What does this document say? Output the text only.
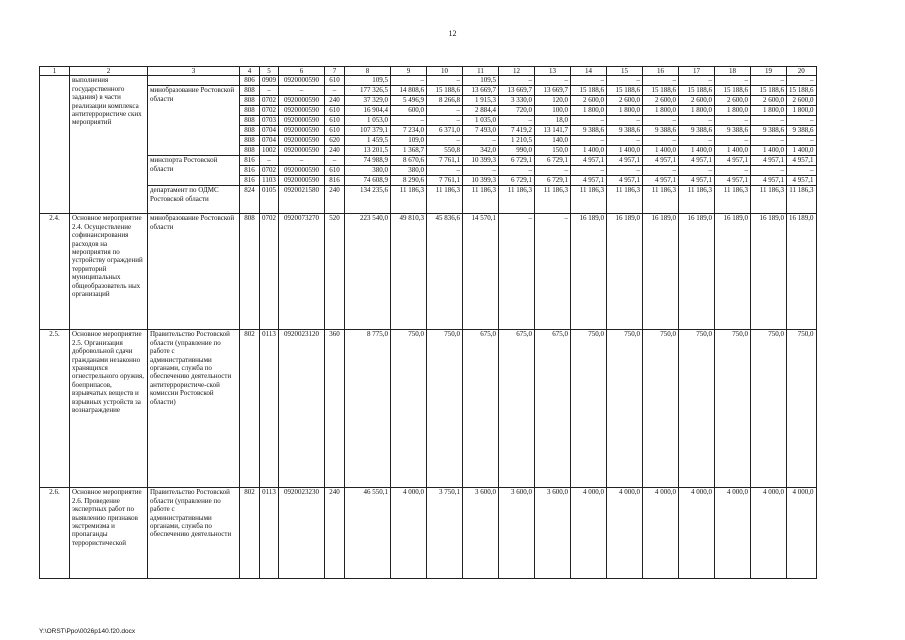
12
1	2	3	4	5	6	7	8	9	10	11	12	13	14	15	16	17	18	19	20
	выполнения государственного задания) в части реализации комплекса антитеррористиче ских мероприятий		806	0909	0920000590	610	109,5	–	–	109,5	–	–	–	–	–	–	–	–	–
		минобразование Ростовской области	808	–	–	–	177 326,5	14 808,6	15 188,6	13 669,7	13 669,7	13 669,7	15 188,6	15 188,6	15 188,6	15 188,6	15 188,6	15 188,6	15 188,6
			808	0702	0920000590	240	37 329,0	5 496,9	8 266,8	1 915,3	3 330,0	120,0	2 600,0	2 600,0	2 600,0	2 600,0	2 600,0	2 600,0	2 600,0
			808	0702	0920000590	610	16 904,4	600,0	–	2 884,4	720,0	100,0	1 800,0	1 800,0	1 800,0	1 800,0	1 800,0	1 800,0	1 800,0
			808	0703	0920000590	610	1 053,0	–	–	1 035,0	–	18,0	–	–	–	–	–	–	–
			808	0704	0920000590	610	107 379,1	7 234,0	6 371,0	7 493,0	7 419,2	13 141,7	9 388,6	9 388,6	9 388,6	9 388,6	9 388,6	9 388,6	9 388,6
			808	0704	0920000590	620	1 459,5	109,0	–	–	1 210,5	140,0	–	–	–	–	–	–	–
			808	1002	0920000590	240	13 201,5	1 368,7	550,8	342,0	990,0	150,0	1 400,0	1 400,0	1 400,0	1 400,0	1 400,0	1 400,0	1 400,0
		минспорта Ростовской области	816	–	–	–	74 988,9	8 670,6	7 761,1	10 399,3	6 729,1	6 729,1	4 957,1	4 957,1	4 957,1	4 957,1	4 957,1	4 957,1	4 957,1
			816	0702	0920000590	610	380,0	380,0	–	–	–	–	–	–	–	–	–	–	–
			816	1103	0920000590	816	74 608,9	8 290,6	7 761,1	10 399,3	6 729,1	6 729,1	4 957,1	4 957,1	4 957,1	4 957,1	4 957,1	4 957,1	4 957,1
		департамент по ОДМС Ростовской области	824	0105	0920021580	240	134 235,6	11 186,3	11 186,3	11 186,3	11 186,3	11 186,3	11 186,3	11 186,3	11 186,3	11 186,3	11 186,3	11 186,3	11 186,3
2.4.	Основное мероприятие 2.4. Осуществление софинансирования расходов на мероприятия по устройству ограждений территорий муниципальных общеобразователь ных организаций	минобразование Ростовской области	808	0702	0920073270	520	223 540,0	49 810,3	45 836,6	14 570,1	–	–	16 189,0	16 189,0	16 189,0	16 189,0	16 189,0	16 189,0	16 189,0
2.5.	Основное мероприятие 2.5. Организация добровольной сдачи гражданами незаконно хранящихся огнестрельного оружия, боеприпасов, взрывчатых веществ и взрывных устройств за вознаграждение	Правительство Ростовской области (управление по работе с административными органами, служба по обеспечению деятельности антитеррористиче-ской комиссии Ростовской области)	802	0113	0920023120	360	8 775,0	750,0	750,0	675,0	675,0	675,0	750,0	750,0	750,0	750,0	750,0	750,0	750,0
2.6.	Основное мероприятие 2.6. Проведение экспертных работ по выявлению признаков экстремизма и пропаганды террористической	Правительство Ростовской области (управление по работе с административными органами, служба по обеспечению деятельности	802	0113	0920023230	240	46 550,1	4 000,0	3 750,1	3 600,0	3 600,0	3 600,0	4 000,0	4 000,0	4 000,0	4 000,0	4 000,0	4 000,0	4 000,0
Y:\ORST\Ppo\0026p140.f20.docx
